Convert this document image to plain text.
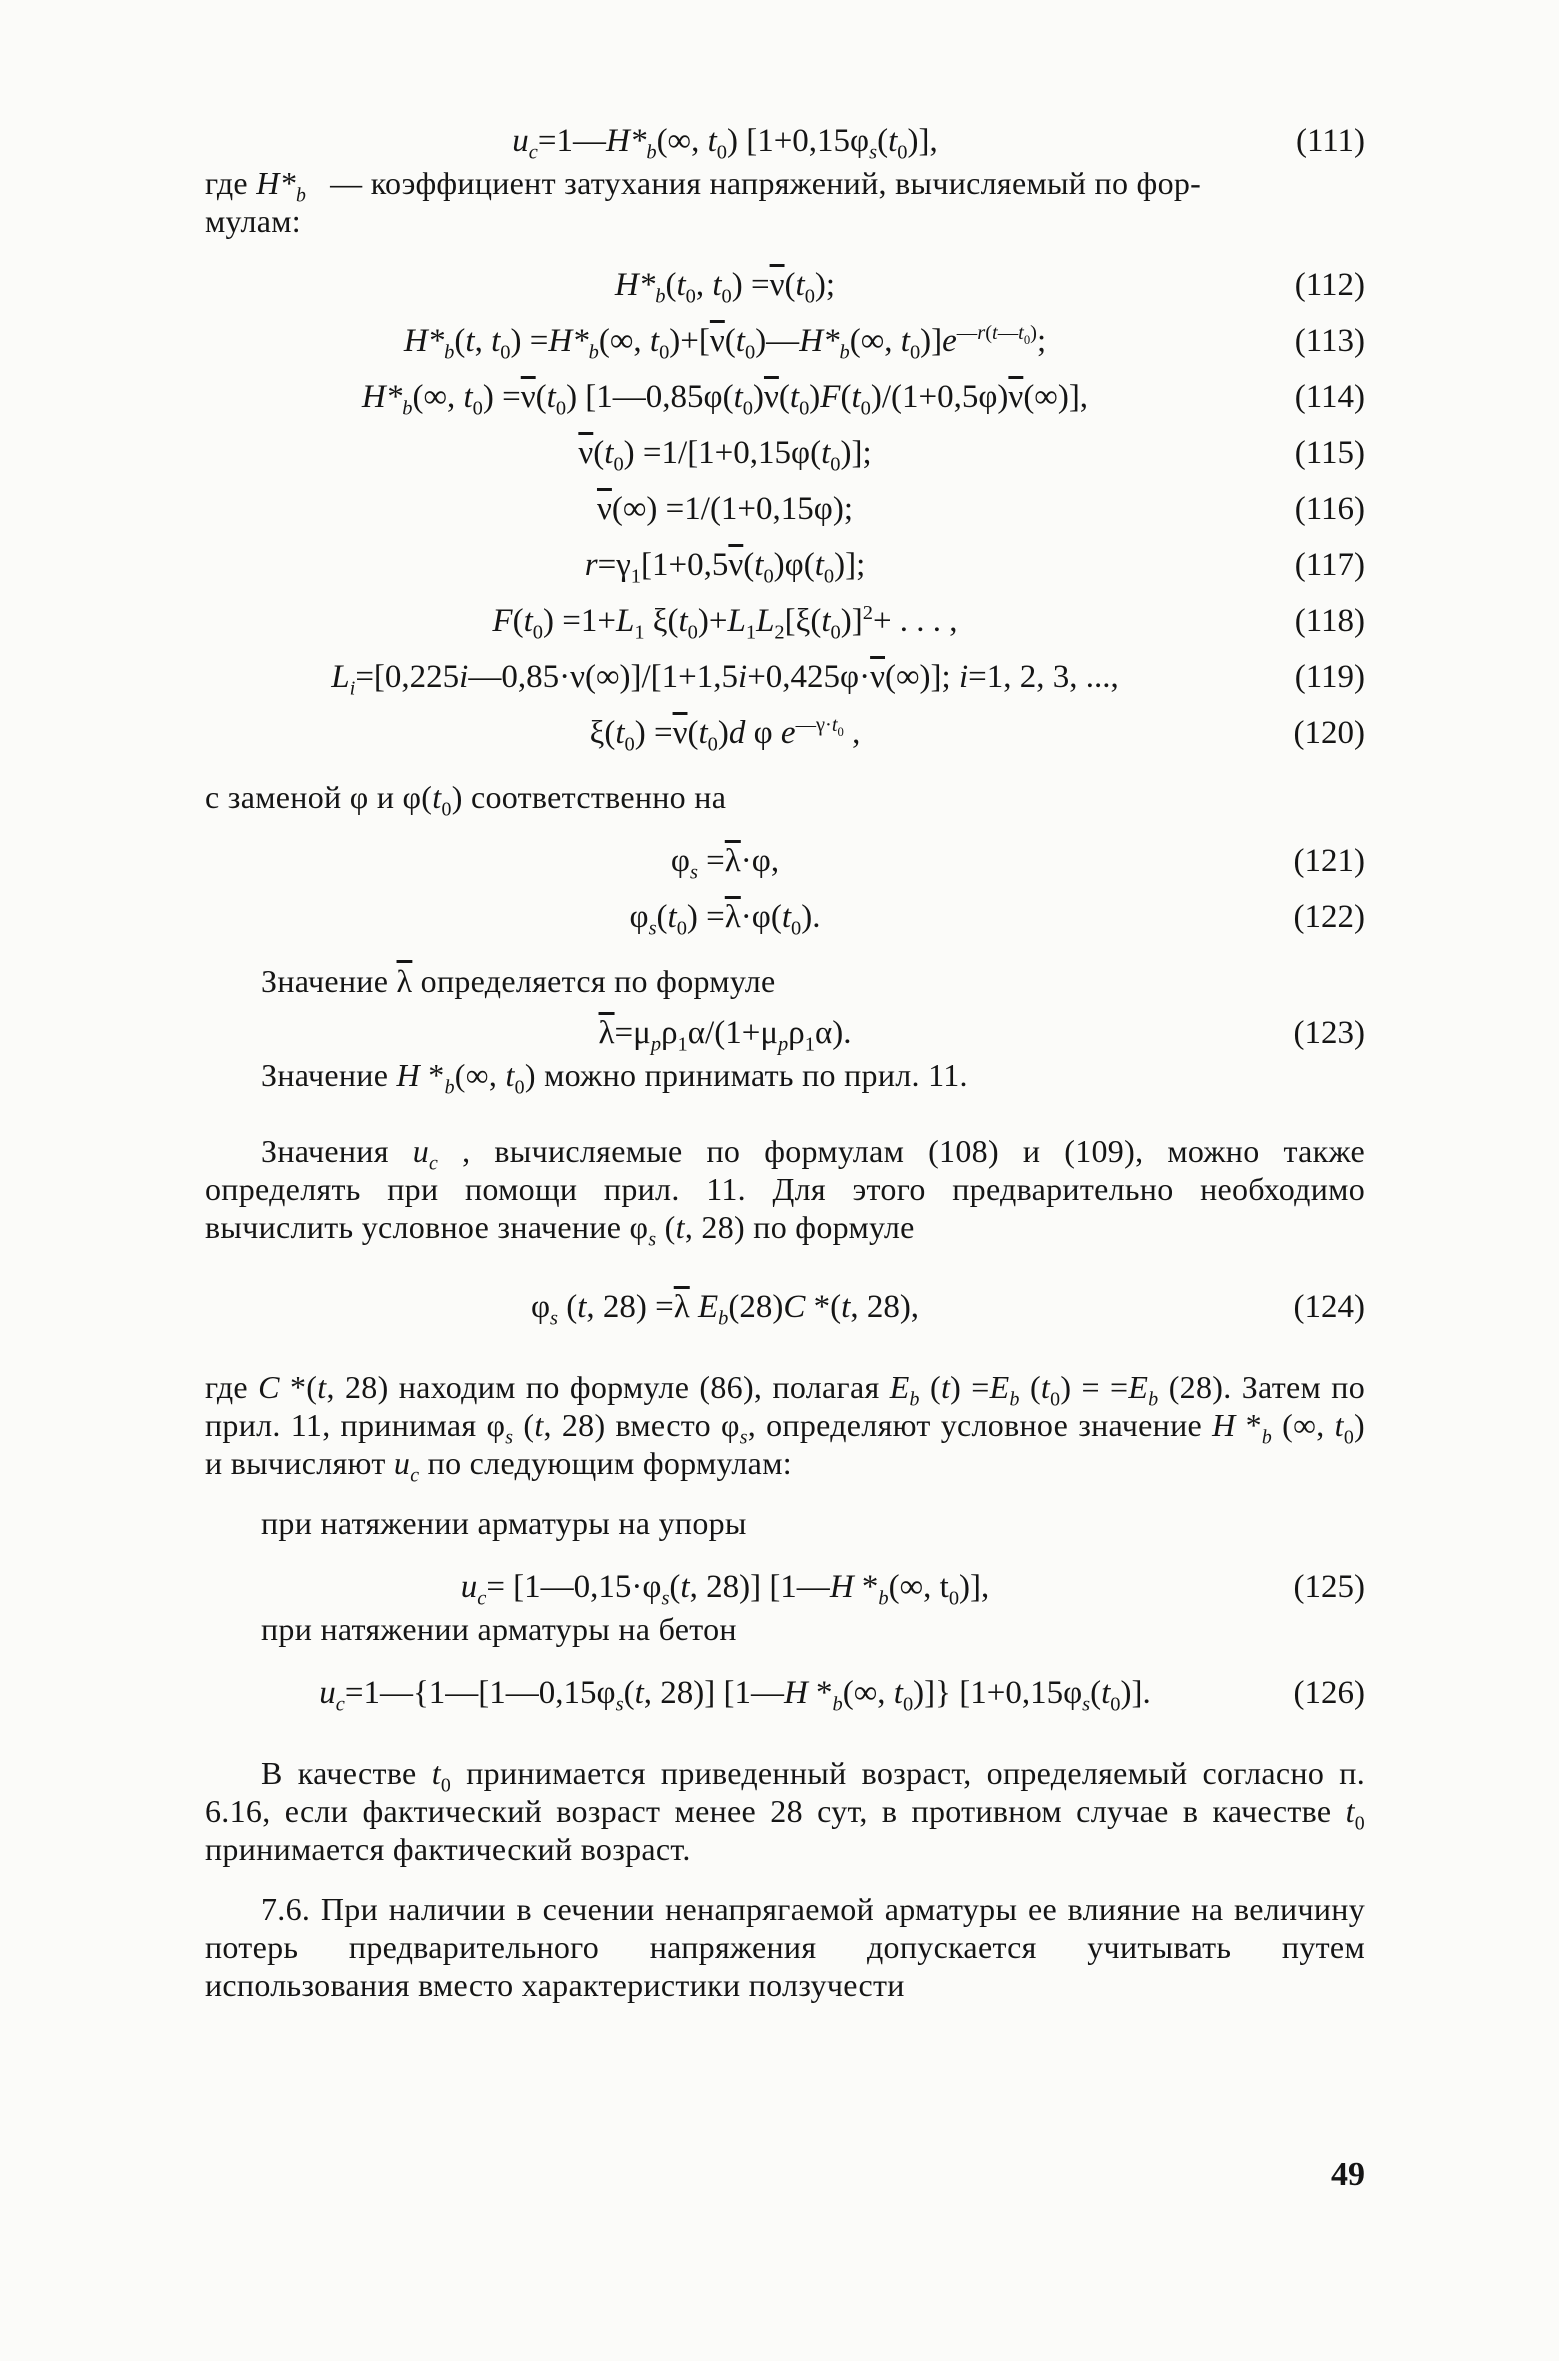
$u_c=1—H*_b(\infty$, $t_0$) $[1+0,15\varphi_s(t_0)]$,	(111)
где $H*_b$ — коэффициент затухания напряжений, вычисляемый по фор-
мулам:
$H*_b(t_0$, $t_0) =\overline{\nu}(t_0)$;	(112)
$H*_b(t$, $t_0) =H*_b(\infty$, $t_0)+[\overline{\nu}(t_0)—H*_b(\infty$, $t_0)]e^{—r(t—t_0)}$;	(113)
$H*_b(\infty$, $t_0) =\overline{\nu}(t_0)$ $[1—0,85\varphi(t_0)\overline{\nu}(t_0)F(t_0)/(1+0,5\varphi)\overline{\nu}(\infty)]$,	(114)
$\overline{\nu}(t_0) =1/[1+0,15\varphi(t_0)]$;	(115)
$\overline{\nu}(\infty) =1/(1+0,15\varphi)$;	(116)
$r=\gamma_1[1+0,5\overline{\nu}(t_0)\varphi(t_0)]$;	(117)
$F(t_0) =1+L_1$ $\xi(t_0)+L_1L_2[\xi(t_0)]^2+$ . . . ,	(118)
$L_i=[0,225i—0,85\cdot\nu(\infty)]/[1+1,5i+0,425\varphi\cdot\overline{\nu}(\infty)]$; i=1, 2, 3, ...,	(119)
$\xi(t_0) =\overline{\nu}(t_0)d$ φ $e^{—\gamma\cdot t_0}$ ,	(120)
с заменой φ и $\varphi(t_0)$ соответственно на
$\varphi_s =\overline{\lambda}\cdot\varphi$,	(121)
$\varphi_s(t_0) =\overline{\lambda}\cdot\varphi(t_0)$.	(122)
Значение $\overline{\lambda}$ определяется по формуле
$\overline{\lambda}=\mu_p\rho_1\alpha/(1+\mu_p\rho_1\alpha)$.	(123)
Значение H $*_b(\infty$, $t_0$) можно принимать по прил. 11.
Значения $u_c$ , вычисляемые по формулам (108) и (109), можно также определять при помощи прил. 11. Для этого предварительно необходимо вычислить условное значение $\varphi_s$ (t, 28) по формуле
$\varphi_s$ (t, $28) =\overline{\lambda}$ $E_b(28)C$ *(t, 28),	(124)
где C *(t, 28) находим по формуле (86), полагая $E_b$ $(t) =E_b$ $(t_0) = =E_b$ (28). Затем по прил. 11, принимая $\varphi_s$ (t, 28) вместо $\varphi_s$, определяют условное значение H $*_b$ (∞, $t_0$) и вычисляют $u_c$ по следующим формулам:
при натяжении арматуры на упоры
$u_c=$ [$1—0,15\cdot\varphi_s(t$, 28)] [1—H $*_b(\infty$, $t_0$)],	(125)
при натяжении арматуры на бетон
$u_c=1—\{1—[1—0,15\varphi_s(t$, 28)] [1—H $*_b(\infty$, $t_0$)]} $[1+0,15\varphi_s(t_0)]$.	(126)
В качестве $t_0$ принимается приведенный возраст, определяемый согласно п. 6.16, если фактический возраст менее 28 сут, в противном случае в качестве $t_0$ принимается фактический возраст.
7.6. При наличии в сечении ненапрягаемой арматуры ее влияние на величину потерь предварительного напряжения допускается учитывать путем использования вместо характеристики ползучести
49
